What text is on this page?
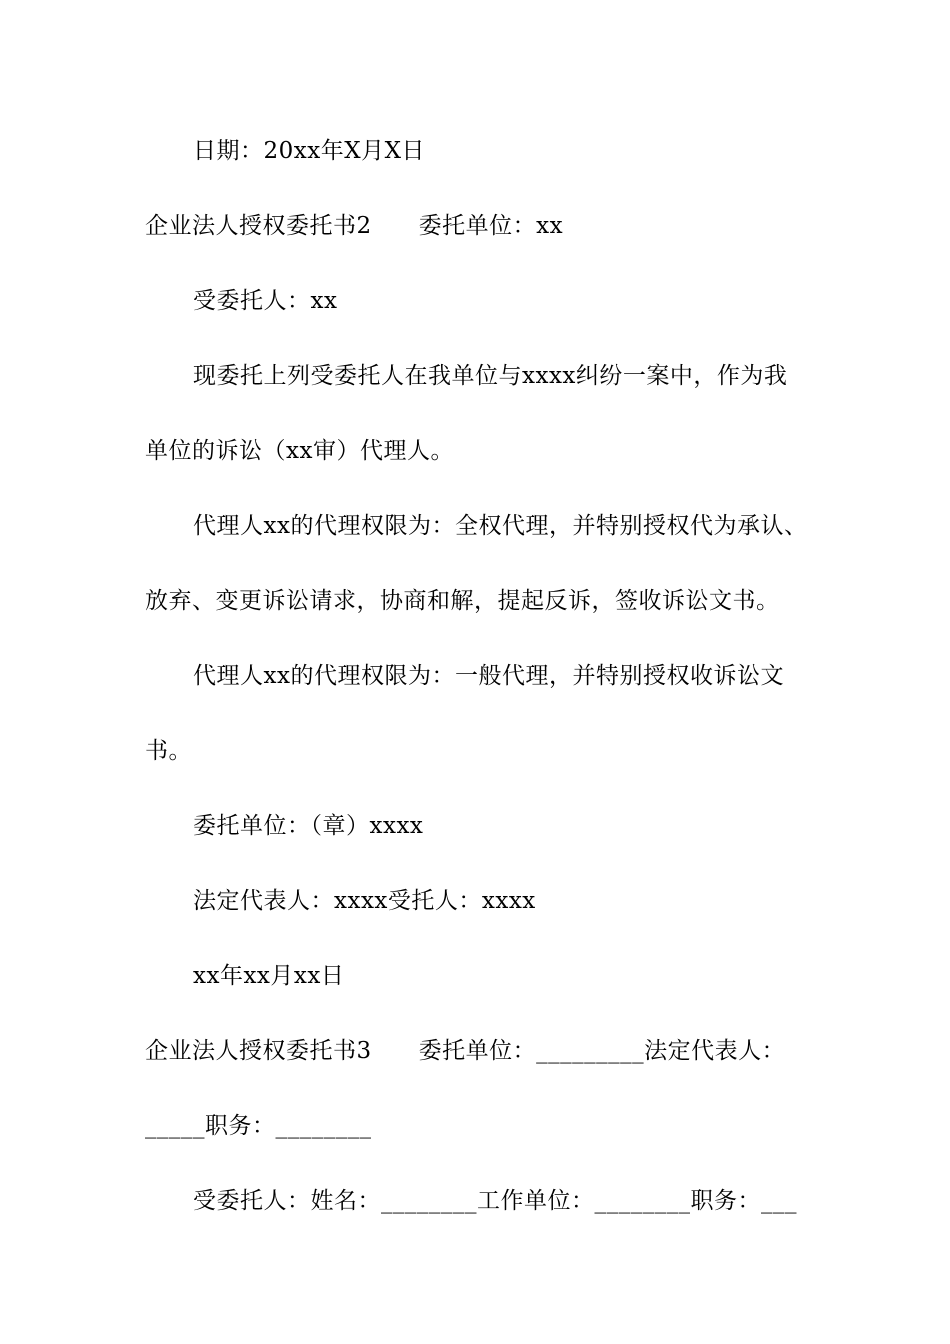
日期：20xx年X月X日
企业法人授权委托书2　　委托单位：xx
受委托人：xx
现委托上列受委托人在我单位与xxxx纠纷一案中，作为我
单位的诉讼（xx审）代理人。
代理人xx的代理权限为：全权代理，并特别授权代为承认、
放弃、变更诉讼请求，协商和解，提起反诉，签收诉讼文书。
代理人xx的代理权限为：一般代理，并特别授权收诉讼文
书。
委托单位：（章）xxxx
法定代表人：xxxx受托人：xxxx
xx年xx月xx日
企业法人授权委托书3　　委托单位：_________法定代表人：
_____职务：________
受委托人：姓名：________工作单位：________职务：___
